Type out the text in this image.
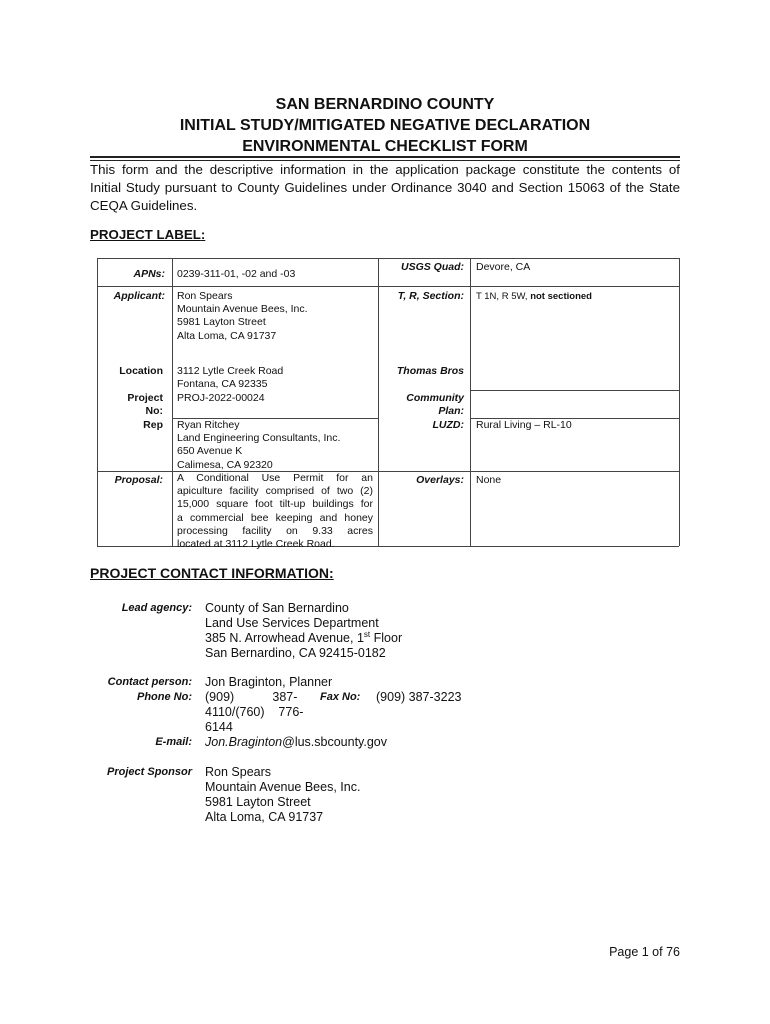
SAN BERNARDINO COUNTY
INITIAL STUDY/MITIGATED NEGATIVE DECLARATION
ENVIRONMENTAL CHECKLIST FORM
This form and the descriptive information in the application package constitute the contents of
Initial Study pursuant to County Guidelines under Ordinance 3040 and Section 15063 of the State
CEQA Guidelines.
PROJECT LABEL:
APNs: 0239-311-01, -02 and -03
USGS Quad: Devore, CA
Applicant: Ron Spears
Mountain Avenue Bees, Inc.
5981 Layton Street
Alta Loma, CA 91737
T, R, Section: T 1N, R 5W, not sectioned
Location 3112 Lytle Creek Road
Fontana, CA 92335
Thomas Bros
Project
No:
PROJ-2022-00024	Community
Plan:
Rep Ryan Ritchey
Land Engineering Consultants, Inc.
650 Avenue K
Calimesa, CA 92320
LUZD: Rural Living – RL-10
Proposal: A Conditional Use Permit for an
apiculture facility comprised of two (2)
15,000 square foot tilt-up buildings for
a commercial bee keeping and honey
processing facility on 9.33 acres
located at 3112 Lytle Creek Road.
Overlays: None
PROJECT CONTACT INFORMATION:
Lead agency: County of San Bernardino
Land Use Services Department
385 N. Arrowhead Avenue, 1st Floor
San Bernardino, CA 92415-0182
Contact person: Jon Braginton, Planner
Phone No: (909)           387-
4110/(760)    776-
6144
Fax No: (909) 387-3223
E-mail: Jon.Braginton@lus.sbcounty.gov
Project Sponsor Ron Spears
Mountain Avenue Bees, Inc.
5981 Layton Street
Alta Loma, CA 91737
Page 1 of 76
